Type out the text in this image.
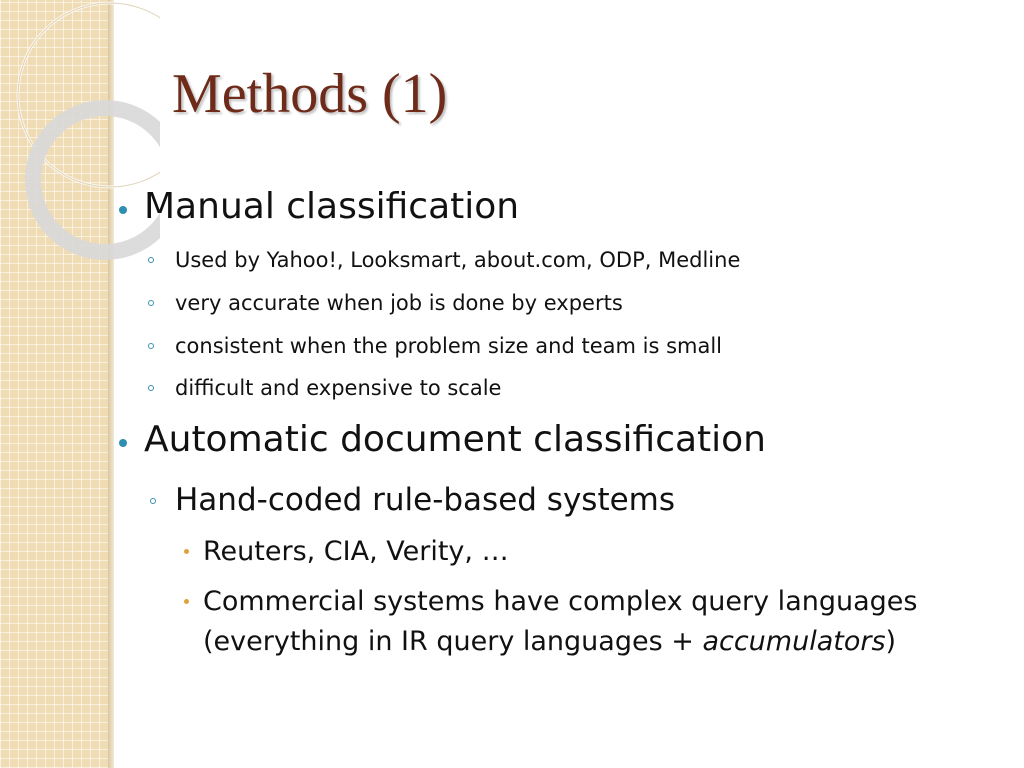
Methods (1)
Manual classification
Used by Yahoo!, Looksmart, about.com, ODP, Medline
very accurate when job is done by experts
consistent when the problem size and team is small
difficult and expensive to scale
Automatic document classification
Hand-coded rule-based systems
Reuters, CIA, Verity, …
Commercial systems have complex query languages
(everything in IR query languages + accumulators)
